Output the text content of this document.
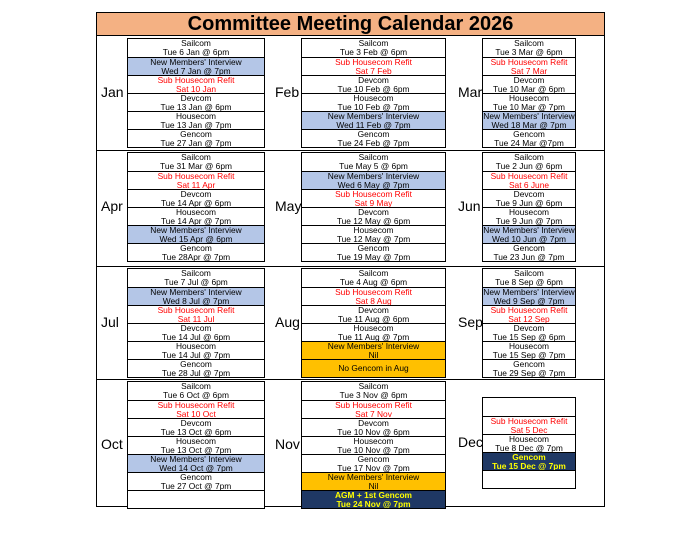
Committee Meeting Calendar 2026
Sailcom
Tue 6 Jan @ 6pm
New Members' Interview
Wed 7 Jan @ 7pm
Sub Housecom Refit
Sat 10 Jan
Devcom
Tue 13 Jan @ 6pm
Housecom
Tue 13 Jan @ 7pm
Gencom
Tue 27 Jan @ 7pm
Jan
Sailcom
Tue 3 Feb @ 6pm
Sub Housecom Refit
Sat 7 Feb
Devcom
Tue 10 Feb @ 6pm
Housecom
Tue 10 Feb @ 7pm
New Members' Interview
Wed 11 Feb @ 7pm
Gencom
Tue 24 Feb @ 7pm
Feb
Sailcom
Tue 3 Mar @ 6pm
Sub Housecom Refit
Sat 7 Mar
Devcom
Tue 10 Mar @ 6pm
Housecom
Tue 10 Mar @ 7pm
New Members' Interview
Wed 18 Mar @ 7pm
Gencom
Tue 24 Mar @7pm
Mar
Sailcom
Tue 31 Mar @ 6pm
Sub Housecom Refit
Sat 11 Apr
Devcom
Tue 14 Apr @ 6pm
Housecom
Tue 14 Apr @ 7pm
New Members' Interview
Wed 15 Apr @ 6pm
Gencom
Tue 28Apr @ 7pm
Apr
Sailcom
Tue May 5 @ 6pm
New Members' Interview
Wed 6 May @ 7pm
Sub Housecom Refit
Sat 9 May
Devcom
Tue 12 May @ 6pm
Housecom
Tue 12 May @ 7pm
Gencom
Tue 19 May @ 7pm
May
Sailcom
Tue 2 Jun @ 6pm
Sub Housecom Refit
Sat 6 June
Devcom
Tue 9 Jun @ 6pm
Housecom
Tue 9 Jun @ 7pm
New Members' Interview
Wed 10 Jun @ 7pm
Gencom
Tue 23 Jun @ 7pm
Jun
Sailcom
Tue 7 Jul @ 6pm
New Members' Interview
Wed 8 Jul @ 7pm
Sub Housecom Refit
Sat 11 Jul
Devcom
Tue 14 Jul @ 6pm
Housecom
Tue 14 Jul @ 7pm
Gencom
Tue 28 Jul @ 7pm
Jul
Sailcom
Tue 4 Aug @ 6pm
Sub Housecom Refit
Sat 8 Aug
Devcom
Tue 11 Aug @ 6pm
Housecom
Tue 11 Aug @ 7pm
New Members' Interview
Nil
No Gencom in Aug
Aug
Sailcom
Tue 8 Sep @ 6pm
New Members' Interview
Wed 9 Sep @ 7pm
Sub Housecom Refit
Sat 12 Sep
Devcom
Tue 15 Sep @ 6pm
Housecom
Tue 15 Sep @ 7pm
Gencom
Tue 29 Sep @ 7pm
Sep
Sailcom
Tue 6 Oct @ 6pm
Sub Housecom Refit
Sat 10 Oct
Devcom
Tue 13 Oct @ 6pm
Housecom
Tue 13 Oct @ 7pm
New Members' Interview
Wed 14 Oct @ 7pm
Gencom
Tue 27 Oct @ 7pm
Oct
Sailcom
Tue 3 Nov @ 6pm
Sub Housecom Refit
Sat 7 Nov
Devcom
Tue 10 Nov @ 6pm
Housecom
Tue 10 Nov @ 7pm
Gencom
Tue 17 Nov @ 7pm
New Members' Interview
Nil
AGM + 1st Gencom
Tue 24 Nov @ 7pm
Nov
Sub Housecom Refit
Sat 5 Dec
Housecom
Tue 8 Dec @ 7pm
Gencom
Tue 15 Dec @ 7pm
Dec
